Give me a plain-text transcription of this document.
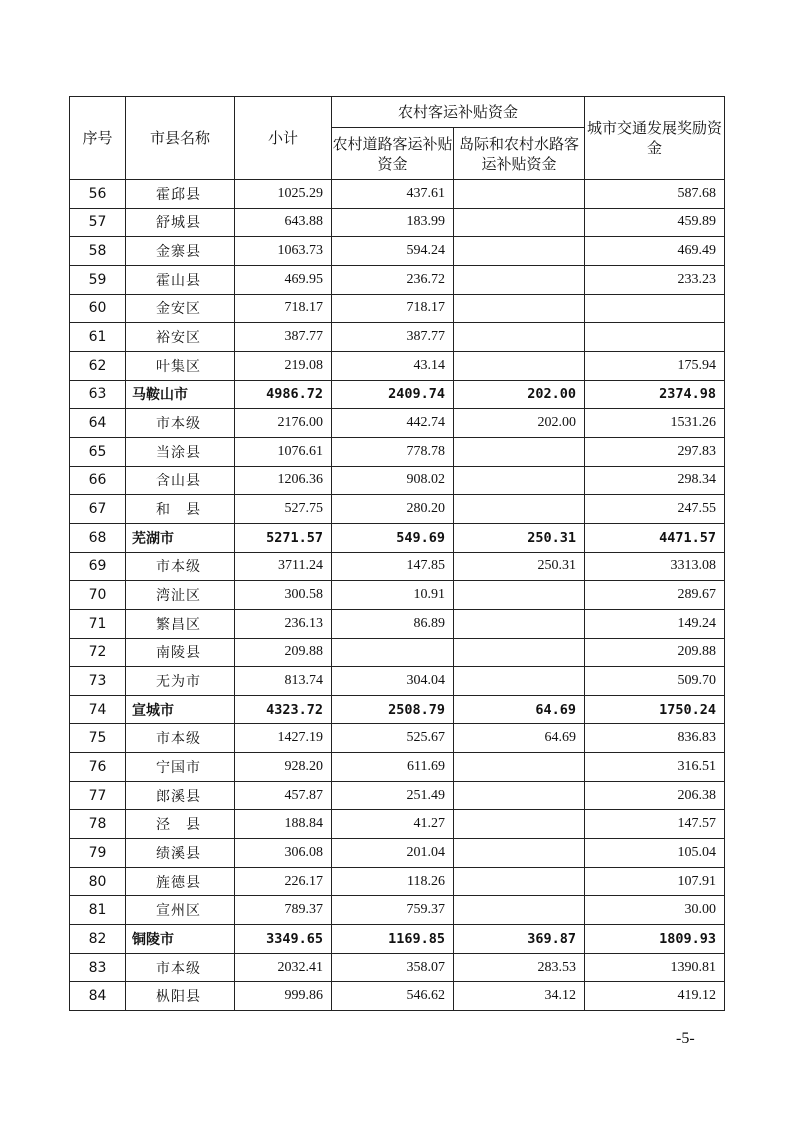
序号	市县名称	小计	农村客运补贴资金		城市交通发展奖励资金
			农村道路客运补贴资金	岛际和农村水路客运补贴资金	
56	霍邱县	1025.29	437.61		587.68
57	舒城县	643.88	183.99		459.89
58	金寨县	1063.73	594.24		469.49
59	霍山县	469.95	236.72		233.23
60	金安区	718.17	718.17		
61	裕安区	387.77	387.77		
62	叶集区	219.08	43.14		175.94
63	马鞍山市	4986.72	2409.74	202.00	2374.98
64	市本级	2176.00	442.74	202.00	1531.26
65	当涂县	1076.61	778.78		297.83
66	含山县	1206.36	908.02		298.34
67	和　县	527.75	280.20		247.55
68	芜湖市	5271.57	549.69	250.31	4471.57
69	市本级	3711.24	147.85	250.31	3313.08
70	湾沚区	300.58	10.91		289.67
71	繁昌区	236.13	86.89		149.24
72	南陵县	209.88			209.88
73	无为市	813.74	304.04		509.70
74	宣城市	4323.72	2508.79	64.69	1750.24
75	市本级	1427.19	525.67	64.69	836.83
76	宁国市	928.20	611.69		316.51
77	郎溪县	457.87	251.49		206.38
78	泾　县	188.84	41.27		147.57
79	绩溪县	306.08	201.04		105.04
80	旌德县	226.17	118.26		107.91
81	宣州区	789.37	759.37		30.00
82	铜陵市	3349.65	1169.85	369.87	1809.93
83	市本级	2032.41	358.07	283.53	1390.81
84	枞阳县	999.86	546.62	34.12	419.12
-5-
